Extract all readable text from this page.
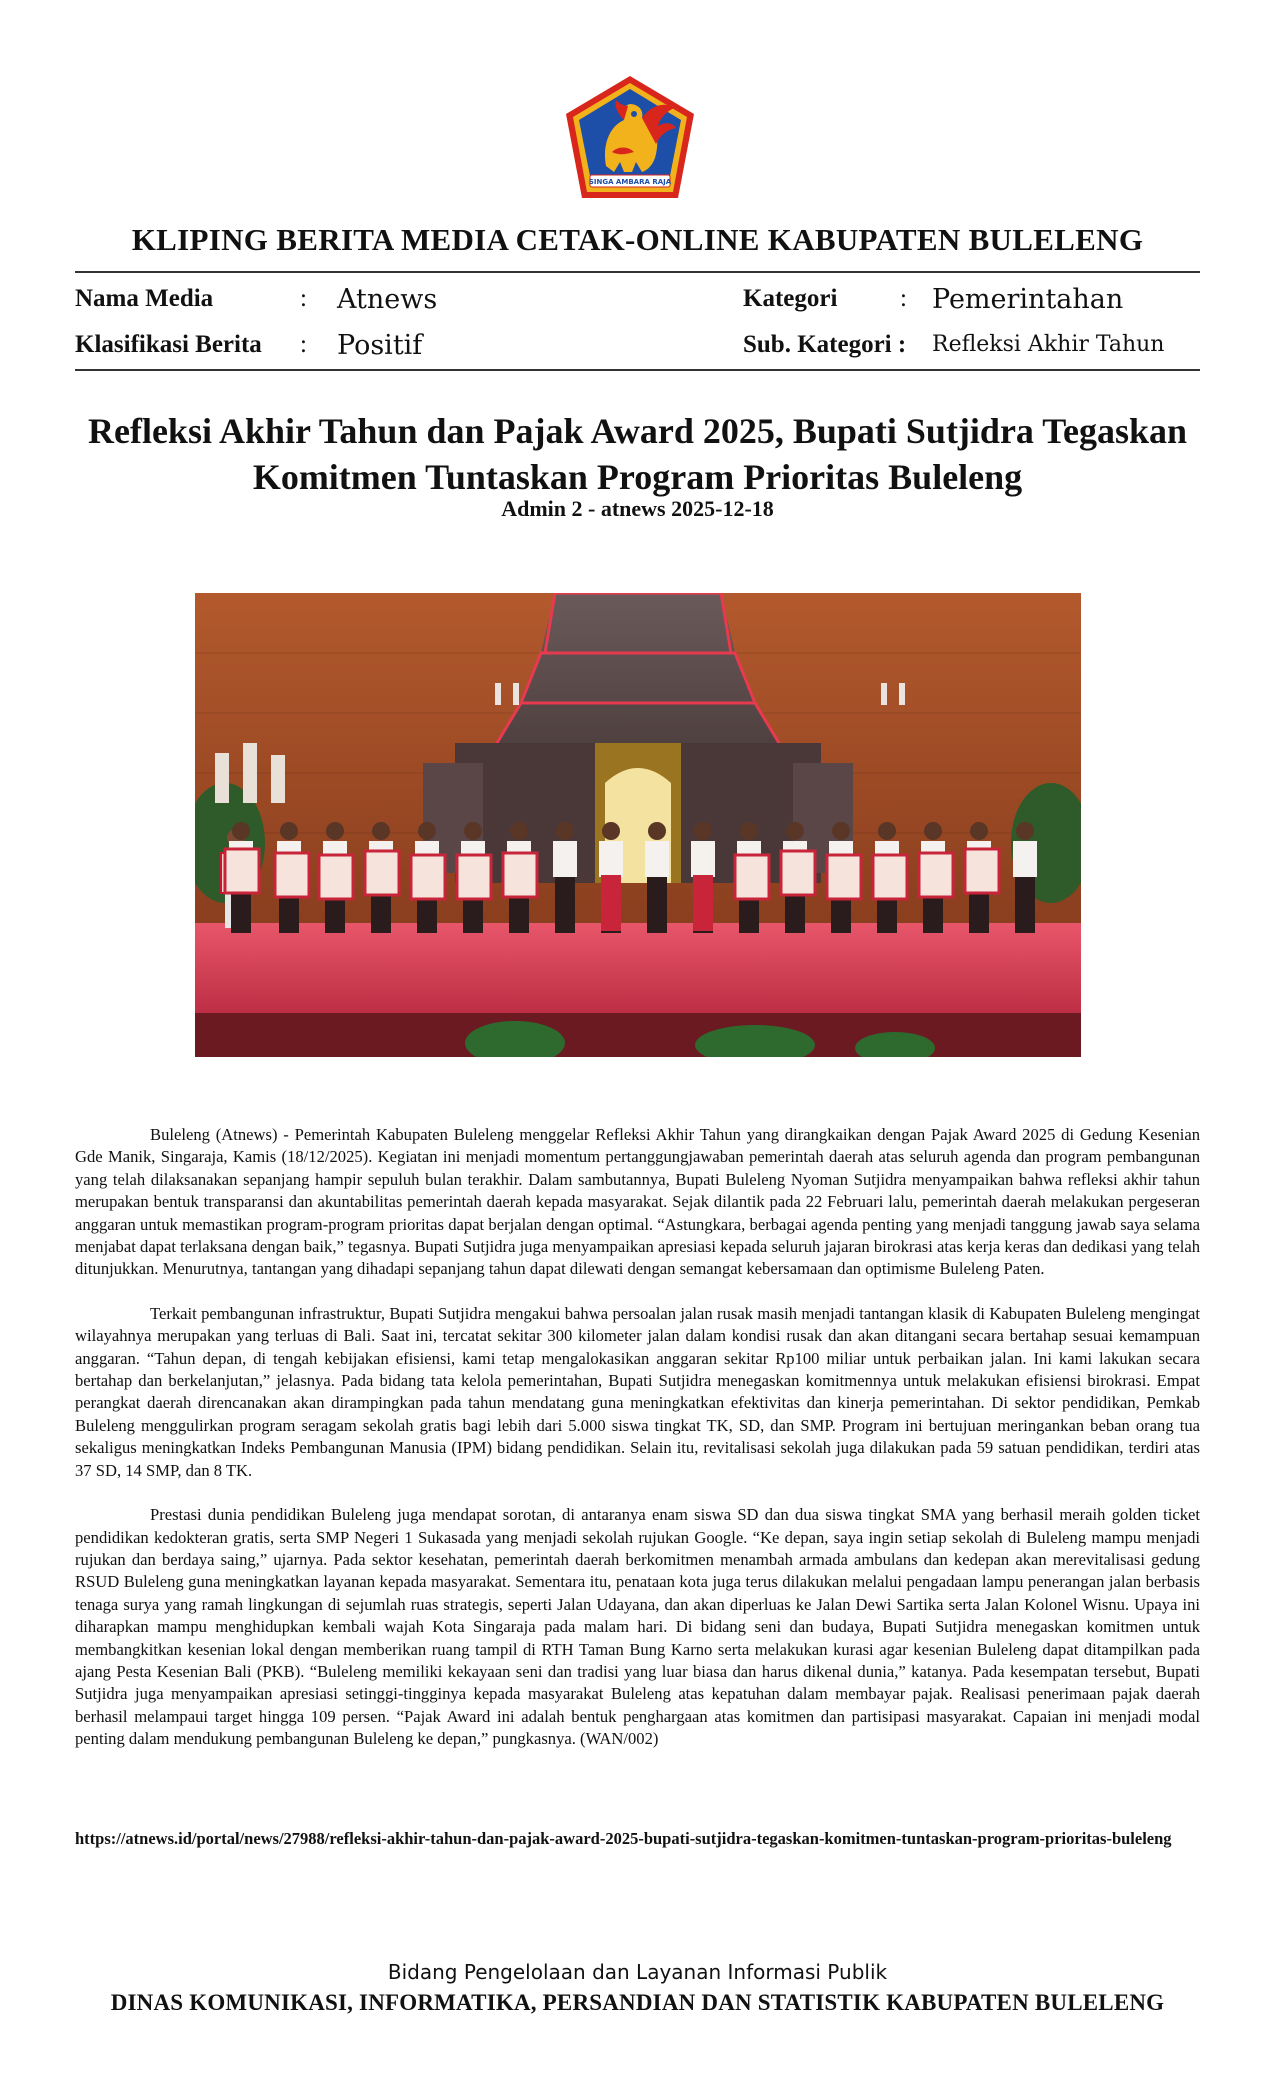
SINGA AMBARA RAJA
KLIPING BERITA MEDIA CETAK-ONLINE KABUPATEN BULELENG
Nama Media	: Atnews	Kategori	: Pemerintahan
Klasifikasi Berita : Positif	Sub. Kategori : Refleksi Akhir Tahun
Refleksi Akhir Tahun dan Pajak Award 2025, Bupati Sutjidra Tegaskan
Komitmen Tuntaskan Program Prioritas Buleleng
Admin 2 - atnews 2025-12-18

Buleleng (Atnews) - Pemerintah Kabupaten Buleleng menggelar Refleksi Akhir Tahun yang dirangkaikan dengan Pajak Award 2025 di Gedung Kesenian Gde Manik, Singaraja, Kamis (18/12/2025). Kegiatan ini menjadi momentum pertanggungjawaban pemerintah daerah atas seluruh agenda dan program pembangunan yang telah dilaksanakan sepanjang hampir sepuluh bulan terakhir. Dalam sambutannya, Bupati Buleleng Nyoman Sutjidra menyampaikan bahwa refleksi akhir tahun merupakan bentuk transparansi dan akuntabilitas pemerintah daerah kepada masyarakat. Sejak dilantik pada 22 Februari lalu, pemerintah daerah melakukan pergeseran anggaran untuk memastikan program-program prioritas dapat berjalan dengan optimal. “Astungkara, berbagai agenda penting yang menjadi tanggung jawab saya selama menjabat dapat terlaksana dengan baik,” tegasnya. Bupati Sutjidra juga menyampaikan apresiasi kepada seluruh jajaran birokrasi atas kerja keras dan dedikasi yang telah ditunjukkan. Menurutnya, tantangan yang dihadapi sepanjang tahun dapat dilewati dengan semangat kebersamaan dan optimisme Buleleng Paten.

Terkait pembangunan infrastruktur, Bupati Sutjidra mengakui bahwa persoalan jalan rusak masih menjadi tantangan klasik di Kabupaten Buleleng mengingat wilayahnya merupakan yang terluas di Bali. Saat ini, tercatat sekitar 300 kilometer jalan dalam kondisi rusak dan akan ditangani secara bertahap sesuai kemampuan anggaran. “Tahun depan, di tengah kebijakan efisiensi, kami tetap mengalokasikan anggaran sekitar Rp100 miliar untuk perbaikan jalan. Ini kami lakukan secara bertahap dan berkelanjutan,” jelasnya. Pada bidang tata kelola pemerintahan, Bupati Sutjidra menegaskan komitmennya untuk melakukan efisiensi birokrasi. Empat perangkat daerah direncanakan akan dirampingkan pada tahun mendatang guna meningkatkan efektivitas dan kinerja pemerintahan. Di sektor pendidikan, Pemkab Buleleng menggulirkan program seragam sekolah gratis bagi lebih dari 5.000 siswa tingkat TK, SD, dan SMP. Program ini bertujuan meringankan beban orang tua sekaligus meningkatkan Indeks Pembangunan Manusia (IPM) bidang pendidikan. Selain itu, revitalisasi sekolah juga dilakukan pada 59 satuan pendidikan, terdiri atas 37 SD, 14 SMP, dan 8 TK.

Prestasi dunia pendidikan Buleleng juga mendapat sorotan, di antaranya enam siswa SD dan dua siswa tingkat SMA yang berhasil meraih golden ticket pendidikan kedokteran gratis, serta SMP Negeri 1 Sukasada yang menjadi sekolah rujukan Google. “Ke depan, saya ingin setiap sekolah di Buleleng mampu menjadi rujukan dan berdaya saing,” ujarnya. Pada sektor kesehatan, pemerintah daerah berkomitmen menambah armada ambulans dan kedepan akan merevitalisasi gedung RSUD Buleleng guna meningkatkan layanan kepada masyarakat. Sementara itu, penataan kota juga terus dilakukan melalui pengadaan lampu penerangan jalan berbasis tenaga surya yang ramah lingkungan di sejumlah ruas strategis, seperti Jalan Udayana, dan akan diperluas ke Jalan Dewi Sartika serta Jalan Kolonel Wisnu. Upaya ini diharapkan mampu menghidupkan kembali wajah Kota Singaraja pada malam hari. Di bidang seni dan budaya, Bupati Sutjidra menegaskan komitmen untuk membangkitkan kesenian lokal dengan memberikan ruang tampil di RTH Taman Bung Karno serta melakukan kurasi agar kesenian Buleleng dapat ditampilkan pada ajang Pesta Kesenian Bali (PKB). “Buleleng memiliki kekayaan seni dan tradisi yang luar biasa dan harus dikenal dunia,” katanya. Pada kesempatan tersebut, Bupati Sutjidra juga menyampaikan apresiasi setinggi-tingginya kepada masyarakat Buleleng atas kepatuhan dalam membayar pajak. Realisasi penerimaan pajak daerah berhasil melampaui target hingga 109 persen. “Pajak Award ini adalah bentuk penghargaan atas komitmen dan partisipasi masyarakat. Capaian ini menjadi modal penting dalam mendukung pembangunan Buleleng ke depan,” pungkasnya. (WAN/002)

https://atnews.id/portal/news/27988/refleksi-akhir-tahun-dan-pajak-award-2025-bupati-sutjidra-tegaskan-komitmen-tuntaskan-program-prioritas-buleleng
Bidang Pengelolaan dan Layanan Informasi Publik
DINAS KOMUNIKASI, INFORMATIKA, PERSANDIAN DAN STATISTIK KABUPATEN BULELENG
